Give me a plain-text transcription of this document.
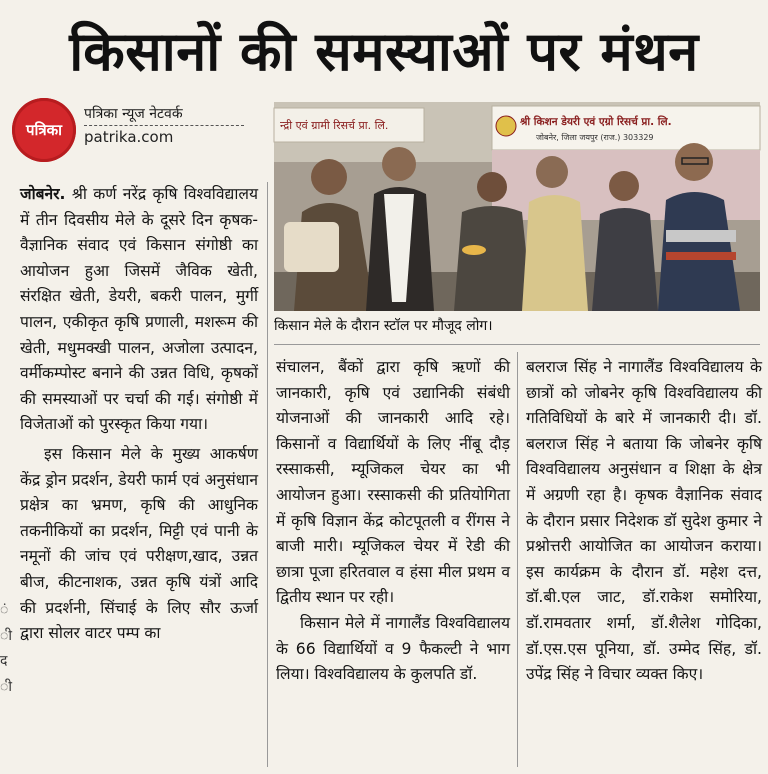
किसानों की समस्याओं पर मंथन
पत्रिका
पत्रिका न्यूज नेटवर्क
patrika.com
न्द्री एवं ग्रामी रिसर्च प्रा. लि.	श्री किशन डेयरी एवं एग्रो रिसर्च प्रा. लि.
जोबनेर, जिला जयपुर (राज.) 303329
किसान मेले के दौरान स्टॉल पर मौजूद लोग।

जोबनेर. श्री कर्ण नरेंद्र कृषि विश्वविद्यालय में तीन दिवसीय मेले के दूसरे दिन कृषक-वैज्ञानिक संवाद एवं किसान संगोष्ठी का आयोजन हुआ जिसमें जैविक खेती, संरक्षित खेती, डेयरी, बकरी पालन, मुर्गी पालन, एकीकृत कृषि प्रणाली, मशरूम की खेती, मधुमक्खी पालन, अजोला उत्पादन, वर्मीकम्पोस्ट बनाने की उन्नत विधि, कृषकों की समस्याओं पर चर्चा की गई। संगोष्ठी में विजेताओं को पुरस्कृत किया गया।

इस किसान मेले के मुख्य आकर्षण केंद्र ड्रोन प्रदर्शन, डेयरी फार्म एवं अनुसंधान प्रक्षेत्र का भ्रमण, कृषि की आधुनिक तकनीकियों का प्रदर्शन, मिट्टी एवं पानी के नमूनों की जांच एवं परीक्षण,खाद, उन्नत बीज, कीटनाशक, उन्नत कृषि यंत्रों आदि की प्रदर्शनी, सिंचाई के लिए सौर ऊर्जा द्वारा सोलर वाटर पम्प का

संचालन, बैंकों द्वारा कृषि ऋणों की जानकारी, कृषि एवं उद्यानिकी संबंधी योजनाओं की जानकारी आदि रहे। किसानों व विद्यार्थियों के लिए नींबू दौड़ रस्साकसी, म्यूजिकल चेयर का भी आयोजन हुआ। रस्साकसी की प्रतियोगिता में कृषि विज्ञान केंद्र कोटपूतली व रींगस ने बाजी मारी। म्यूजिकल चेयर में रेडी की छात्रा पूजा हरितवाल व हंसा मील प्रथम व द्वितीय स्थान पर रही।

किसान मेले में नागालैंड विश्वविद्यालय के 66 विद्यार्थियों व 9 फैकल्टी ने भाग लिया। विश्वविद्यालय के कुलपति डॉ.

बलराज सिंह ने नागालैंड विश्वविद्यालय के छात्रों को जोबनेर कृषि विश्वविद्यालय की गतिविधियों के बारे में जानकारी दी। डॉ. बलराज सिंह ने बताया कि जोबनेर कृषि विश्वविद्यालय अनुसंधान व शिक्षा के क्षेत्र में अग्रणी रहा है। कृषक वैज्ञानिक संवाद के दौरान प्रसार निदेशक डॉ सुदेश कुमार ने प्रश्नोत्तरी आयोजित का आयोजन कराया। इस कार्यक्रम के दौरान डॉ. महेश दत्त, डॉ.बी.एल जाट, डॉ.राकेश समोरिया, डॉ.रामवतार शर्मा, डॉ.शैलेश गोदिका, डॉ.एस.एस पूनिया, डॉ. उम्मेद सिंह, डॉ. उपेंद्र सिंह ने विचार व्यक्त किए।

ं
ी
द
ी
